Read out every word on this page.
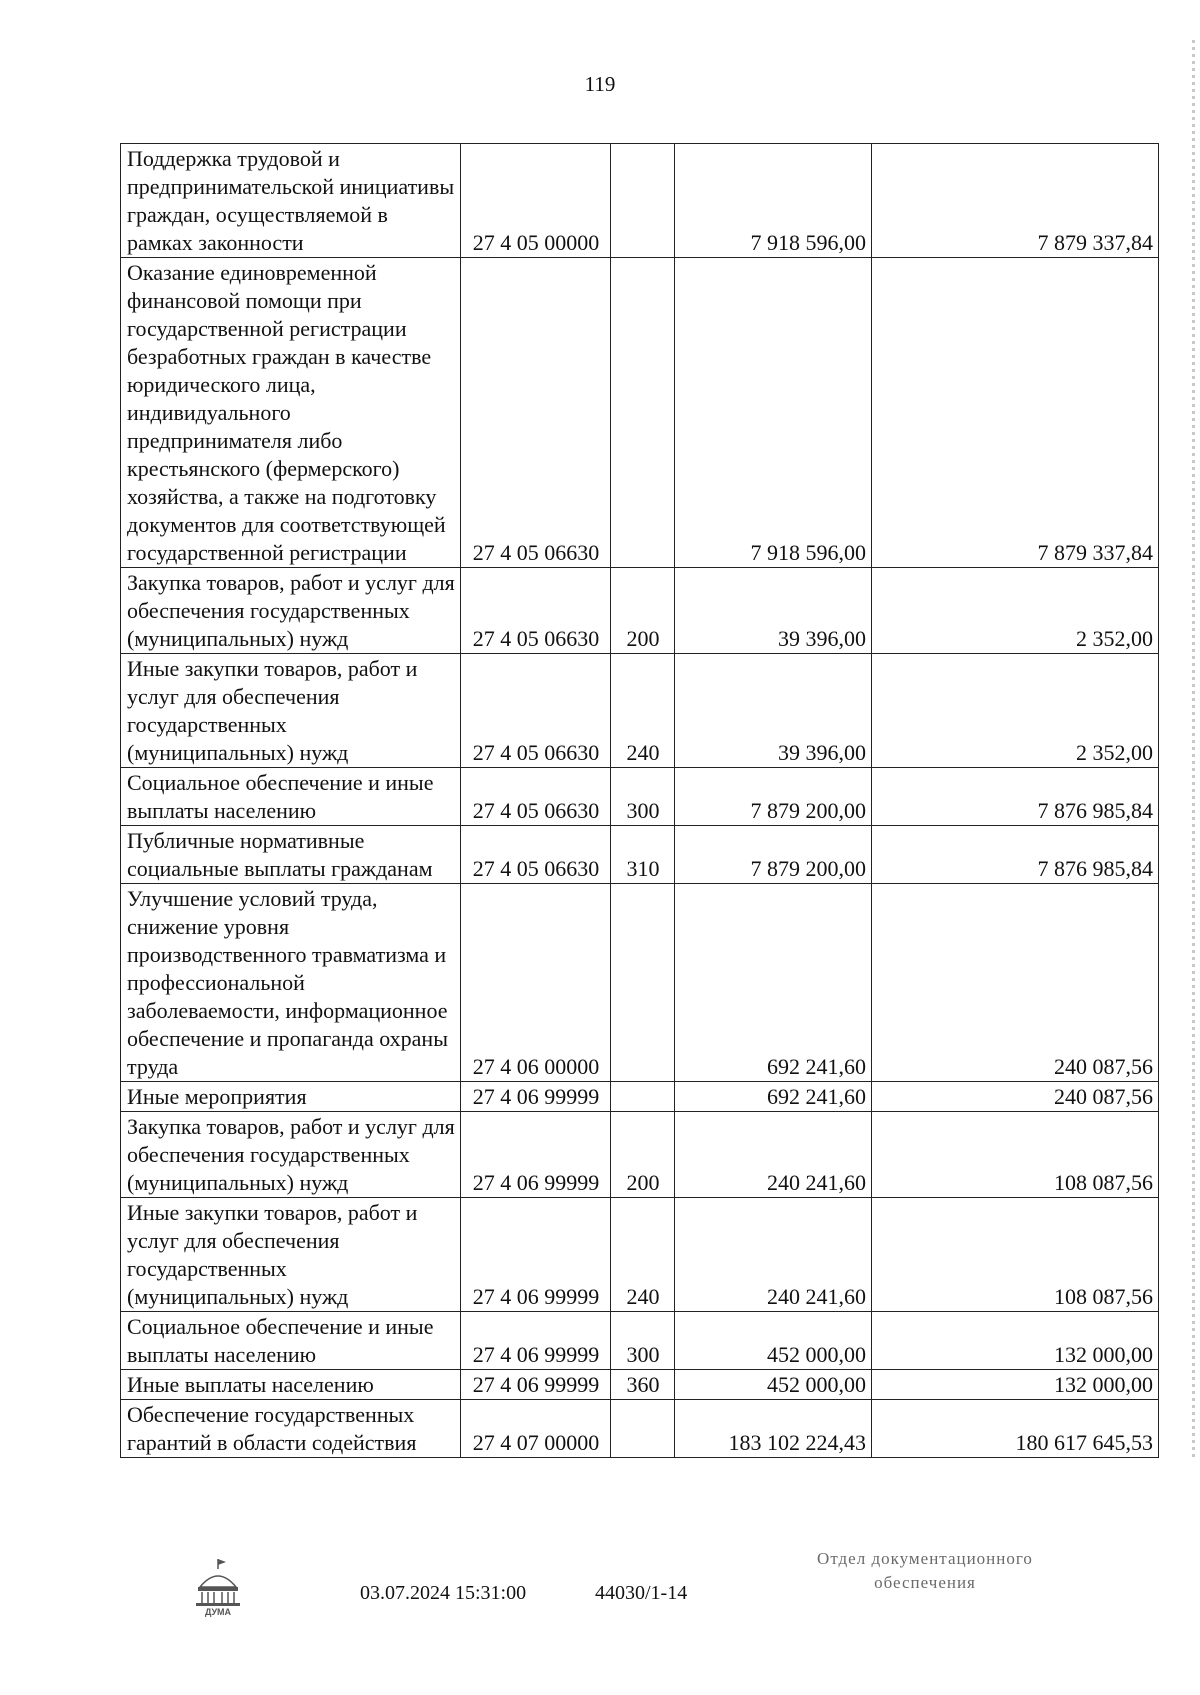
119
Поддержка трудовой и предпринимательской инициативы граждан, осуществляемой в рамках законности	27 4 05 00000		7 918 596,00	7 879 337,84
Оказание единовременной финансовой помощи при государственной регистрации безработных граждан в качестве юридического лица, индивидуального предпринимателя либо крестьянского (фермерского) хозяйства, а также на подготовку документов для соответствующей государственной регистрации	27 4 05 06630		7 918 596,00	7 879 337,84
Закупка товаров, работ и услуг для обеспечения государственных (муниципальных) нужд	27 4 05 06630	200	39 396,00	2 352,00
Иные закупки товаров, работ и услуг для обеспечения государственных (муниципальных) нужд	27 4 05 06630	240	39 396,00	2 352,00
Социальное обеспечение и иные выплаты населению	27 4 05 06630	300	7 879 200,00	7 876 985,84
Публичные нормативные социальные выплаты гражданам	27 4 05 06630	310	7 879 200,00	7 876 985,84
Улучшение условий труда, снижение уровня производственного травматизма и профессиональной заболеваемости, информационное обеспечение и пропаганда охраны труда	27 4 06 00000		692 241,60	240 087,56
Иные мероприятия	27 4 06 99999		692 241,60	240 087,56
Закупка товаров, работ и услуг для обеспечения государственных (муниципальных) нужд	27 4 06 99999	200	240 241,60	108 087,56
Иные закупки товаров, работ и услуг для обеспечения государственных (муниципальных) нужд	27 4 06 99999	240	240 241,60	108 087,56
Социальное обеспечение и иные выплаты населению	27 4 06 99999	300	452 000,00	132 000,00
Иные выплаты населению	27 4 06 99999	360	452 000,00	132 000,00
Обеспечение государственных гарантий в области содействия	27 4 07 00000		183 102 224,43	180 617 645,53
ДУМА
03.07.2024 15:31:00	44030/1-14
Отдел документационного
обеспечения
